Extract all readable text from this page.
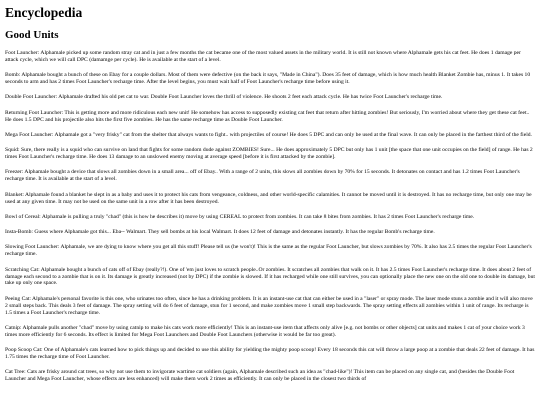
Encyclopedia
Good Units

Foot Launcher: Alphamale picked up some random stray cat and in just a few months the cat became one of the most valued assets in the military world. It is still not known where Alphamale gets his cat feet. He does 1 damage per attack cycle, which we will call DPC (damamge per cycle). He is available at the start of a level.

Bomb: Alphamale bought a bunch of these on Ebay for a couple dollars. Most of them were defective (on the back it says, "Made in China"). Does 35 feet of damage, which is how much health Blanket Zombie has, minus 1. It takes 10 seconds to arm and has 2 times Foot Launcher's recharge time. After the level begins, you must wait half of Foot Launcher's recharge time before using it.

Double Foot Launcher: Alphamale drafted his old pet cat to war. Double Foot Launcher loves the thrill of violence. He shoots 2 feet each attack cycle. He has twice Foot Launcher's recharge time.

Returning Foot Launcher: This is getting more and more ridiculous each new unit! He somehow has access to supposedly existing cat feet that return after hitting zombies! But seriously, I'm worried about where they get these cat feet.. He does 1.5 DPC and his projectile also hits the first five zombies. He has the same recharge time as Double Foot Launcher.

Mega Foot Launcher: Alphamale got a "very frisky" cat from the shelter that always wants to fight.. with projectiles of course! He does 5 DPC and can only be used at the final wave. It can only be placed in the farthest third of the field.

Squid: Sure, there really is a squid who can survive on land that fights for some random dude against ZOMBIES! Sure... He does approximately 5 DPC but only has 1 unit [the space that one unit occupies on the field] of range. He has 2 times Foot Launcher's recharge time. He does 13 damage to an unslowed enemy moving at average speed [before it is first attacked by the zombie].

Freezer: Alphamale bought a device that slows all zombies down in a small area... off of Ebay.. With a range of 2 units, this slows all zombies down by 70% for 15 seconds. It detonates on contact and has 1.2 times Foot Launcher's recharge time. It is available at the start of a level.

Blanket: Alphamale found a blanket he slept in as a baby and uses it to protect his cats from vengeance, coldness, and other world-specific calamities. It cannot be moved until it is destroyed. It has no recharge time, but only one may be used at any given time. It may not be used on the same unit in a row after it has been destroyed.

Bowl of Cereal: Alphamale is pulling a truly "chad" (this is how he describes it) move by using CEREAL to protect from zombies. It can take 8 bites from zombies. It has 2 times Foot Launcher's recharge time.

Insta-Bomb: Guess where Alphamale got this... Eba-- Walmart. They sell bombs at his local Walmart. It does 12 feet of damage and detonates instantly. It has the regular Bomb's recharge time.

Slowing Foot Launcher: Alphamale, we are dying to know where you get all this stuff! Please tell us (he won't)! This is the same as the regular Foot Launcher, but slows zombies by 70%. It also has 2.5 times the regular Foot Launcher's recharge time.

Scratching Cat: Alphamale bought a bunch of cats off of Ebay (really?!). One of 'em just loves to scratch people..Or zombies. It scratches all zombies that walk on it. It has 2.5 times Foot Launcher's recharge time. It does about 2 feet of damage each second to a zombie that is on it. Its damage is greatly increased (not by DPC) if the zombie is slowed. If it has recharged while one still survives, you can optionally place the new one on the old one to double its damage, but take up only one space.

Peeing Cat: Alphamale's personal favorite is this one, who urinates too often, since he has a drinking problem. It is an instant-use cat that can either be used in a "laser" or spray mode. The laser mode stuns a zombie and it will also move 2 small steps back. This deals 3 feet of damage. The spray setting will do 6 feet of damage, stun for 1 second, and make zombies move 1 small step backwards. The spray setting effects all zombies within 1 unit of range. Its recharge is 1.5 times a Foot Launcher's recharge time.

Catnip: Alphamale pulls another "chad" move by using catnip to make his cats work more efficiently! This is an instant-use item that affects only alive [e.g. not bombs or other objects] cat units and makes 1 cat of your choice work 3 times more efficiently for 6 seconds. Its effect is limited for Mega Foot Launchers and Double Foot Launchers (otherwise it would be far too great).

Poop Scoop Cat: One of Alphamale's cats learned how to pick things up and decided to use this ability for yielding the mighty poop scoop! Every 18 seconds this cat will throw a large poop at a zombie that deals 22 feet of damage. It has 1.75 times the recharge time of Foot Launcher.

Cat Tree: Cats are frisky around cat trees, so why not use them to invigorate wartime cat soldiers (again, Alphamale described such an idea as "chad-like")! This item can be placed on any single cat, and (besides the Double Foot Launcher and Mega Foot Launcher, whose effects are less enhanced) will make them work 2 times as efficiently. It can only be placed in the closest two thirds of
